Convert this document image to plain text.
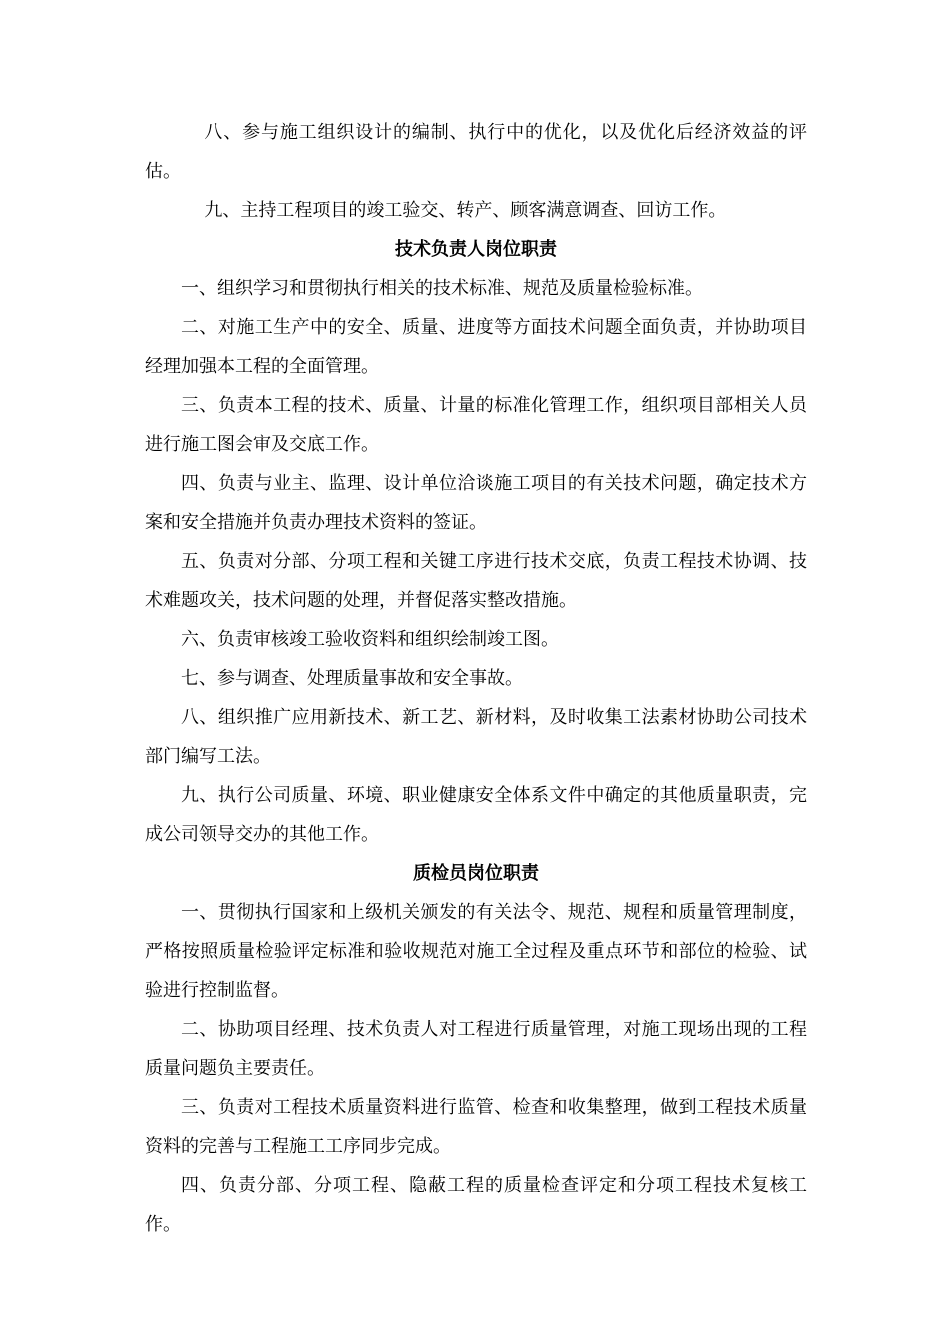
八、参与施工组织设计的编制、执行中的优化，以及优化后经济效益的评估。

九、主持工程项目的竣工验交、转产、顾客满意调查、回访工作。

技术负责人岗位职责

一、组织学习和贯彻执行相关的技术标准、规范及质量检验标准。

二、对施工生产中的安全、质量、进度等方面技术问题全面负责，并协助项目经理加强本工程的全面管理。

三、负责本工程的技术、质量、计量的标准化管理工作，组织项目部相关人员进行施工图会审及交底工作。

四、负责与业主、监理、设计单位洽谈施工项目的有关技术问题，确定技术方案和安全措施并负责办理技术资料的签证。

五、负责对分部、分项工程和关键工序进行技术交底，负责工程技术协调、技术难题攻关，技术问题的处理，并督促落实整改措施。

六、负责审核竣工验收资料和组织绘制竣工图。

七、参与调查、处理质量事故和安全事故。

八、组织推广应用新技术、新工艺、新材料，及时收集工法素材协助公司技术部门编写工法。

九、执行公司质量、环境、职业健康安全体系文件中确定的其他质量职责，完成公司领导交办的其他工作。

质检员岗位职责

一、贯彻执行国家和上级机关颁发的有关法令、规范、规程和质量管理制度，严格按照质量检验评定标准和验收规范对施工全过程及重点环节和部位的检验、试验进行控制监督。

二、协助项目经理、技术负责人对工程进行质量管理，对施工现场出现的工程质量问题负主要责任。

三、负责对工程技术质量资料进行监管、检查和收集整理，做到工程技术质量资料的完善与工程施工工序同步完成。

四、负责分部、分项工程、隐蔽工程的质量检查评定和分项工程技术复核工作。
